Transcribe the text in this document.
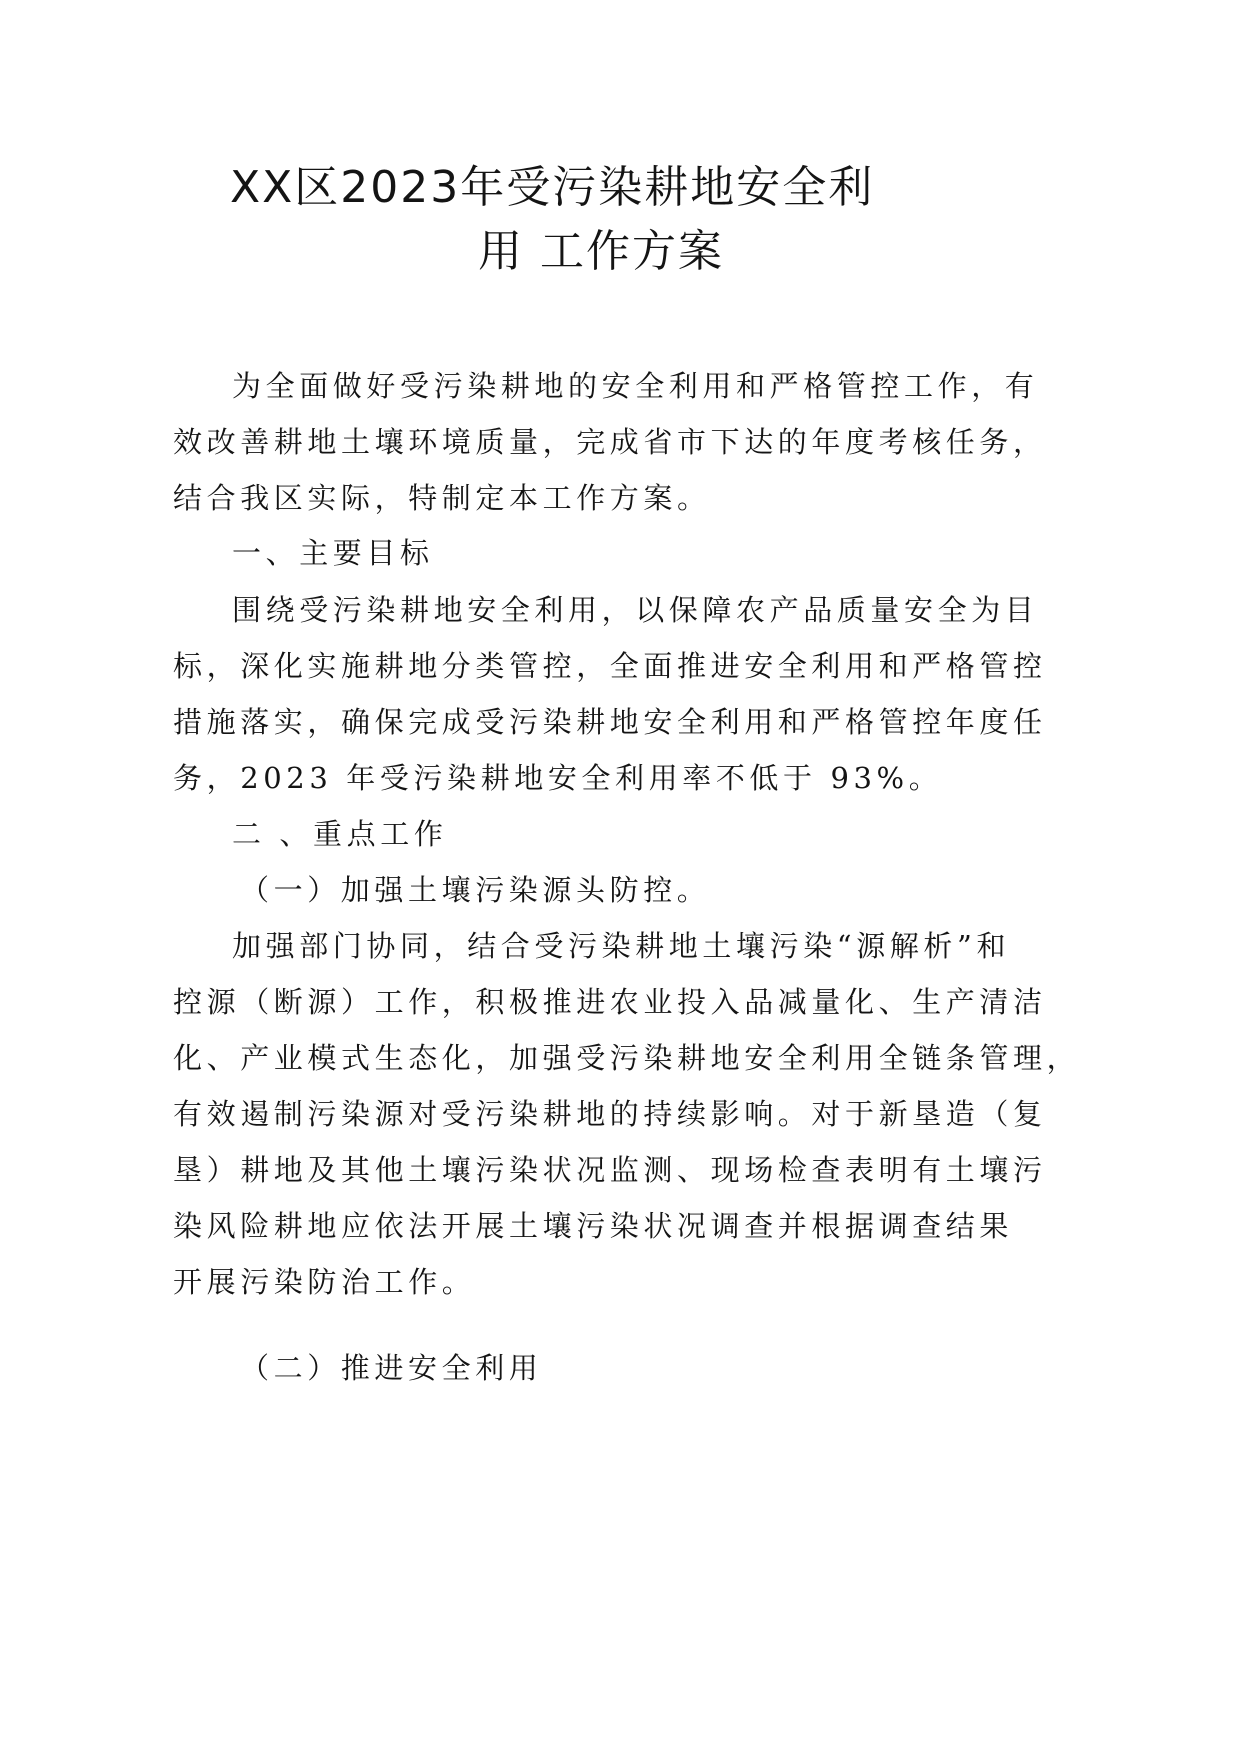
XX区2023年受污染耕地安全利
用 工作方案

为全面做好受污染耕地的安全利用和严格管控工作，有

效改善耕地土壤环境质量，完成省市下达的年度考核任务，

结合我区实际，特制定本工作方案。

一、主要目标

围绕受污染耕地安全利用，以保障农产品质量安全为目

标，深化实施耕地分类管控，全面推进安全利用和严格管控

措施落实，确保完成受污染耕地安全利用和严格管控年度任

务，2023 年受污染耕地安全利用率不低于 93%。

二 、重点工作

（一）加强土壤污染源头防控。

加强部门协同，结合受污染耕地土壤污染“源解析”和

控源（断源）工作，积极推进农业投入品减量化、生产清洁

化、产业模式生态化，加强受污染耕地安全利用全链条管理，

有效遏制污染源对受污染耕地的持续影响。对于新垦造（复

垦）耕地及其他土壤污染状况监测、现场检查表明有土壤污

染风险耕地应依法开展土壤污染状况调查并根据调查结果

开展污染防治工作。

（二）推进安全利用
